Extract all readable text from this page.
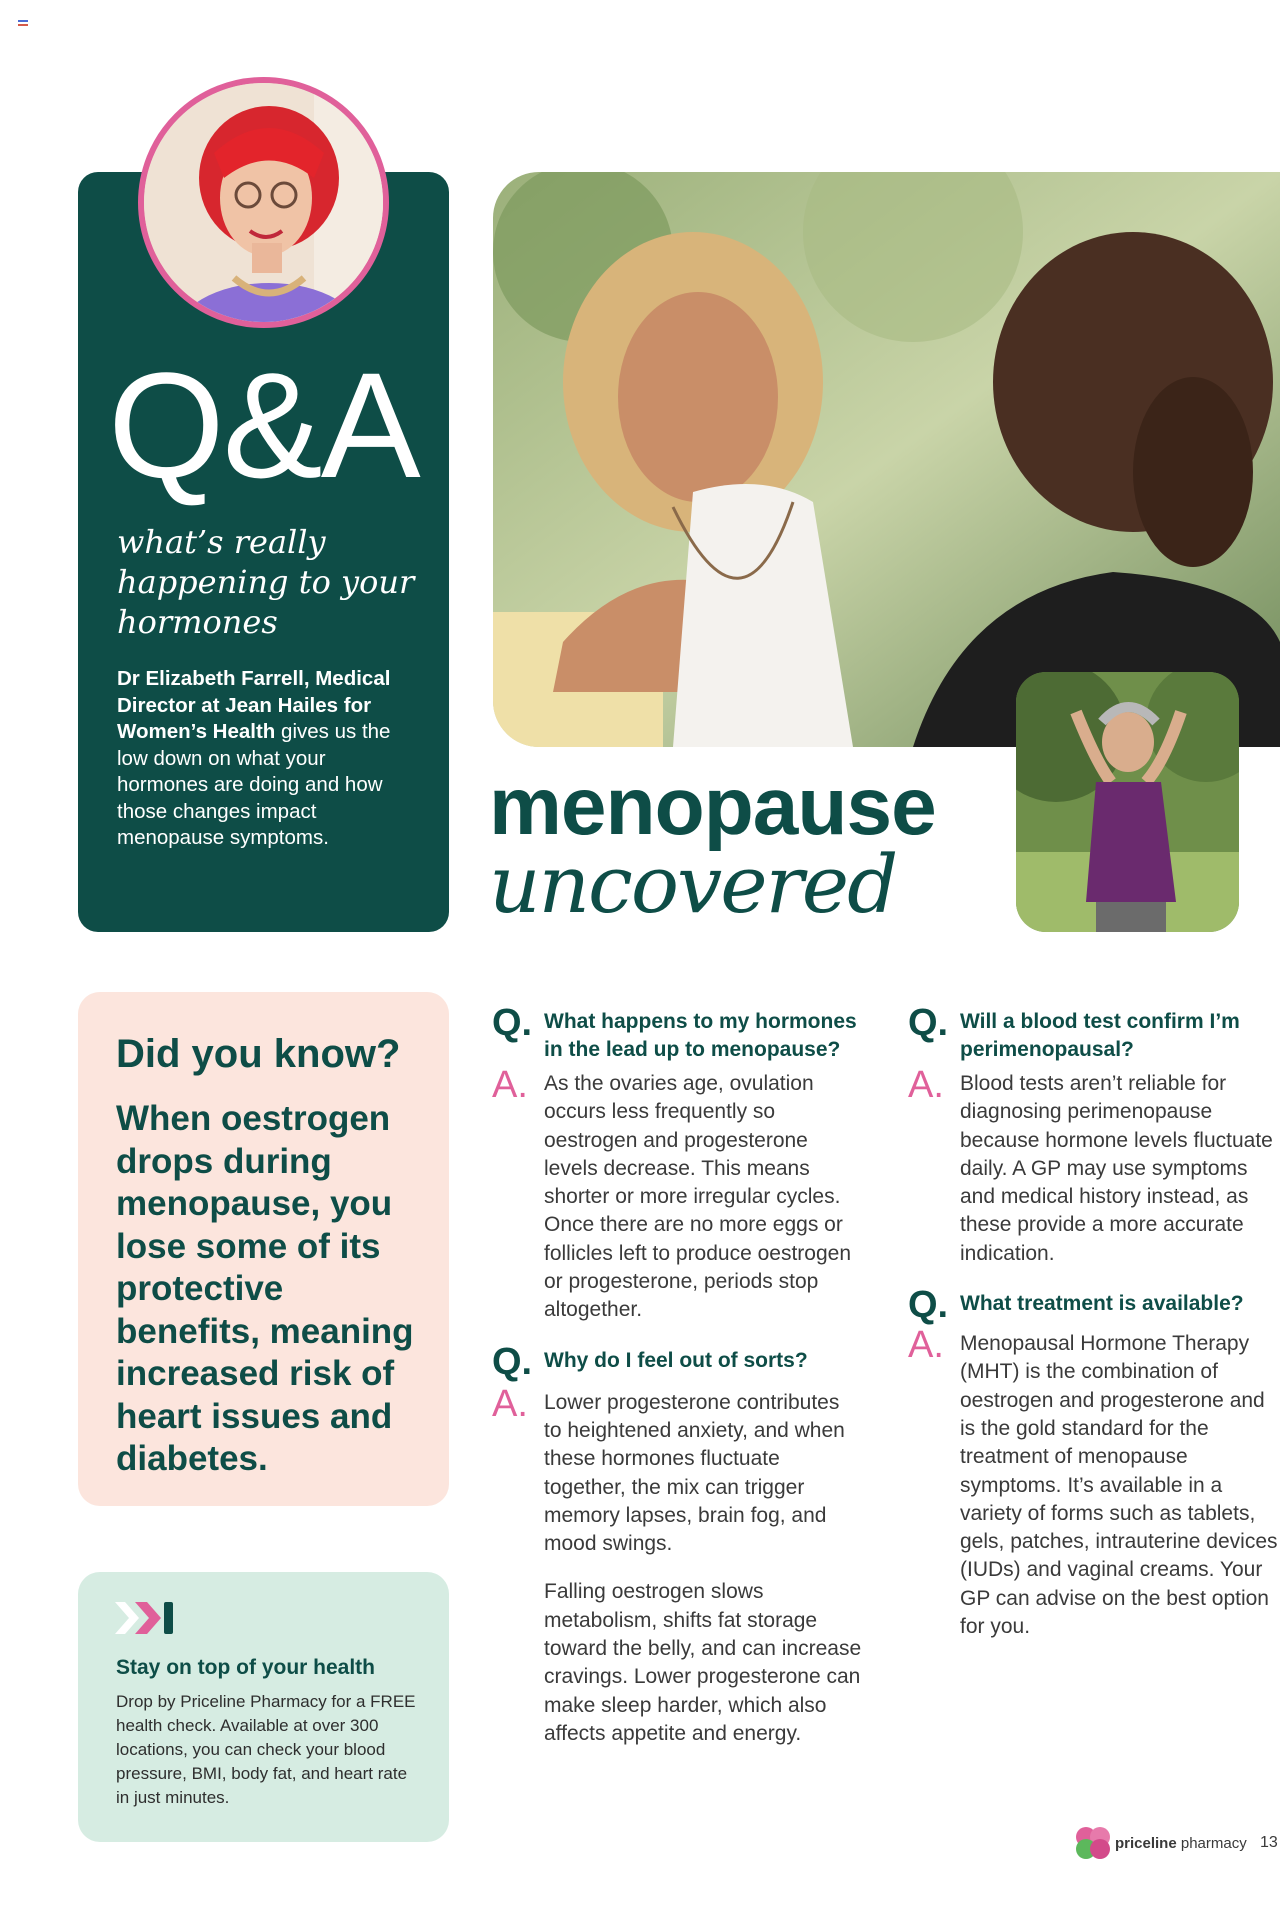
Q&A
what’s really
happening to your
hormones
Dr Elizabeth Farrell, Medical Director at Jean Hailes for Women’s Health gives us the low down on what your hormones are doing and how those changes impact menopause symptoms.	menopause
uncovered
Did you know?
When oestrogen drops during menopause, you lose some of its protective benefits, meaning increased risk of heart issues and diabetes.
Stay on top of your health
Drop by Priceline Pharmacy for a FREE health check. Available at over 300 locations, you can check your blood pressure, BMI, body fat, and heart rate in just minutes.
Q. What happens to my hormones in the lead up to menopause?
A. As the ovaries age, ovulation occurs less frequently so oestrogen and progesterone levels decrease. This means shorter or more irregular cycles. Once there are no more eggs or follicles left to produce oestrogen or progesterone, periods stop altogether.
Q. Why do I feel out of sorts?
A. Lower progesterone contributes to heightened anxiety, and when these hormones fluctuate together, the mix can trigger memory lapses, brain fog, and mood swings.
Falling oestrogen slows metabolism, shifts fat storage toward the belly, and can increase cravings. Lower progesterone can make sleep harder, which also affects appetite and energy.
Q. Will a blood test confirm I’m perimenopausal?
A. Blood tests aren’t reliable for diagnosing perimenopause because hormone levels fluctuate daily. A GP may use symptoms and medical history instead, as these provide a more accurate indication.
Q. What treatment is available?
A. Menopausal Hormone Therapy (MHT) is the combination of oestrogen and progesterone and is the gold standard for the treatment of menopause symptoms. It’s available in a variety of forms such as tablets, gels, patches, intrauterine devices (IUDs) and vaginal creams. Your GP can advise on the best option for you.
priceline pharmacy 13
